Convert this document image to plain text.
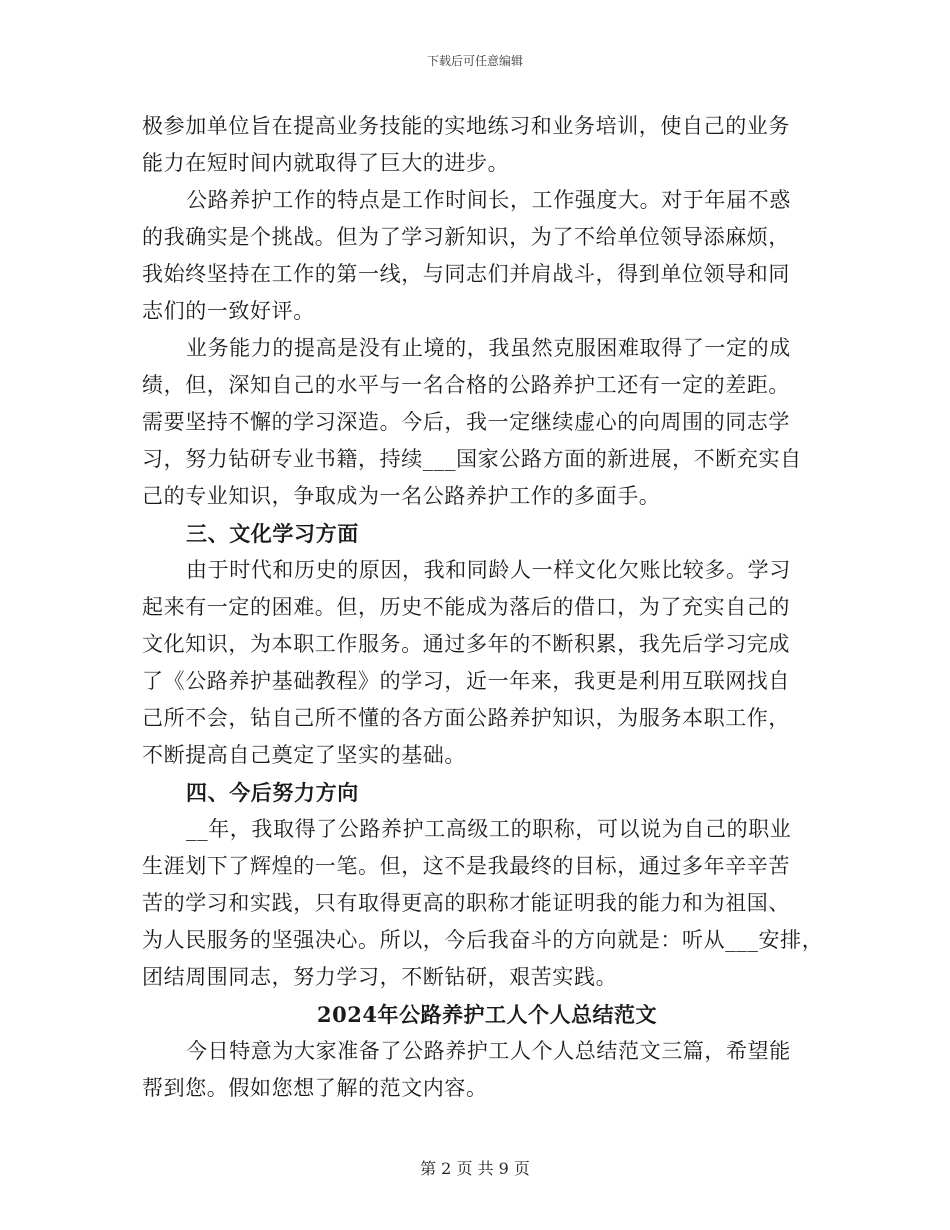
下载后可任意编辑
极参加单位旨在提高业务技能的实地练习和业务培训，使自己的业务
能力在短时间内就取得了巨大的进步。
公路养护工作的特点是工作时间长，工作强度大。对于年届不惑
的我确实是个挑战。但为了学习新知识，为了不给单位领导添麻烦，
我始终坚持在工作的第一线，与同志们并肩战斗，得到单位领导和同
志们的一致好评。
业务能力的提高是没有止境的，我虽然克服困难取得了一定的成
绩，但，深知自己的水平与一名合格的公路养护工还有一定的差距。
需要坚持不懈的学习深造。今后，我一定继续虚心的向周围的同志学
习，努力钻研专业书籍，持续___国家公路方面的新进展，不断充实自
己的专业知识，争取成为一名公路养护工作的多面手。
三、文化学习方面
由于时代和历史的原因，我和同龄人一样文化欠账比较多。学习
起来有一定的困难。但，历史不能成为落后的借口，为了充实自己的
文化知识，为本职工作服务。通过多年的不断积累，我先后学习完成
了《公路养护基础教程》的学习，近一年来，我更是利用互联网找自
己所不会，钻自己所不懂的各方面公路养护知识，为服务本职工作，
不断提高自己奠定了坚实的基础。
四、今后努力方向
__年，我取得了公路养护工高级工的职称，可以说为自己的职业
生涯划下了辉煌的一笔。但，这不是我最终的目标，通过多年辛辛苦
苦的学习和实践，只有取得更高的职称才能证明我的能力和为祖国、
为人民服务的坚强决心。所以，今后我奋斗的方向就是：听从___安排，
团结周围同志，努力学习，不断钻研，艰苦实践。
2024年公路养护工人个人总结范文
今日特意为大家准备了公路养护工人个人总结范文三篇，希望能
帮到您。假如您想了解的范文内容。
第 2 页 共 9 页
